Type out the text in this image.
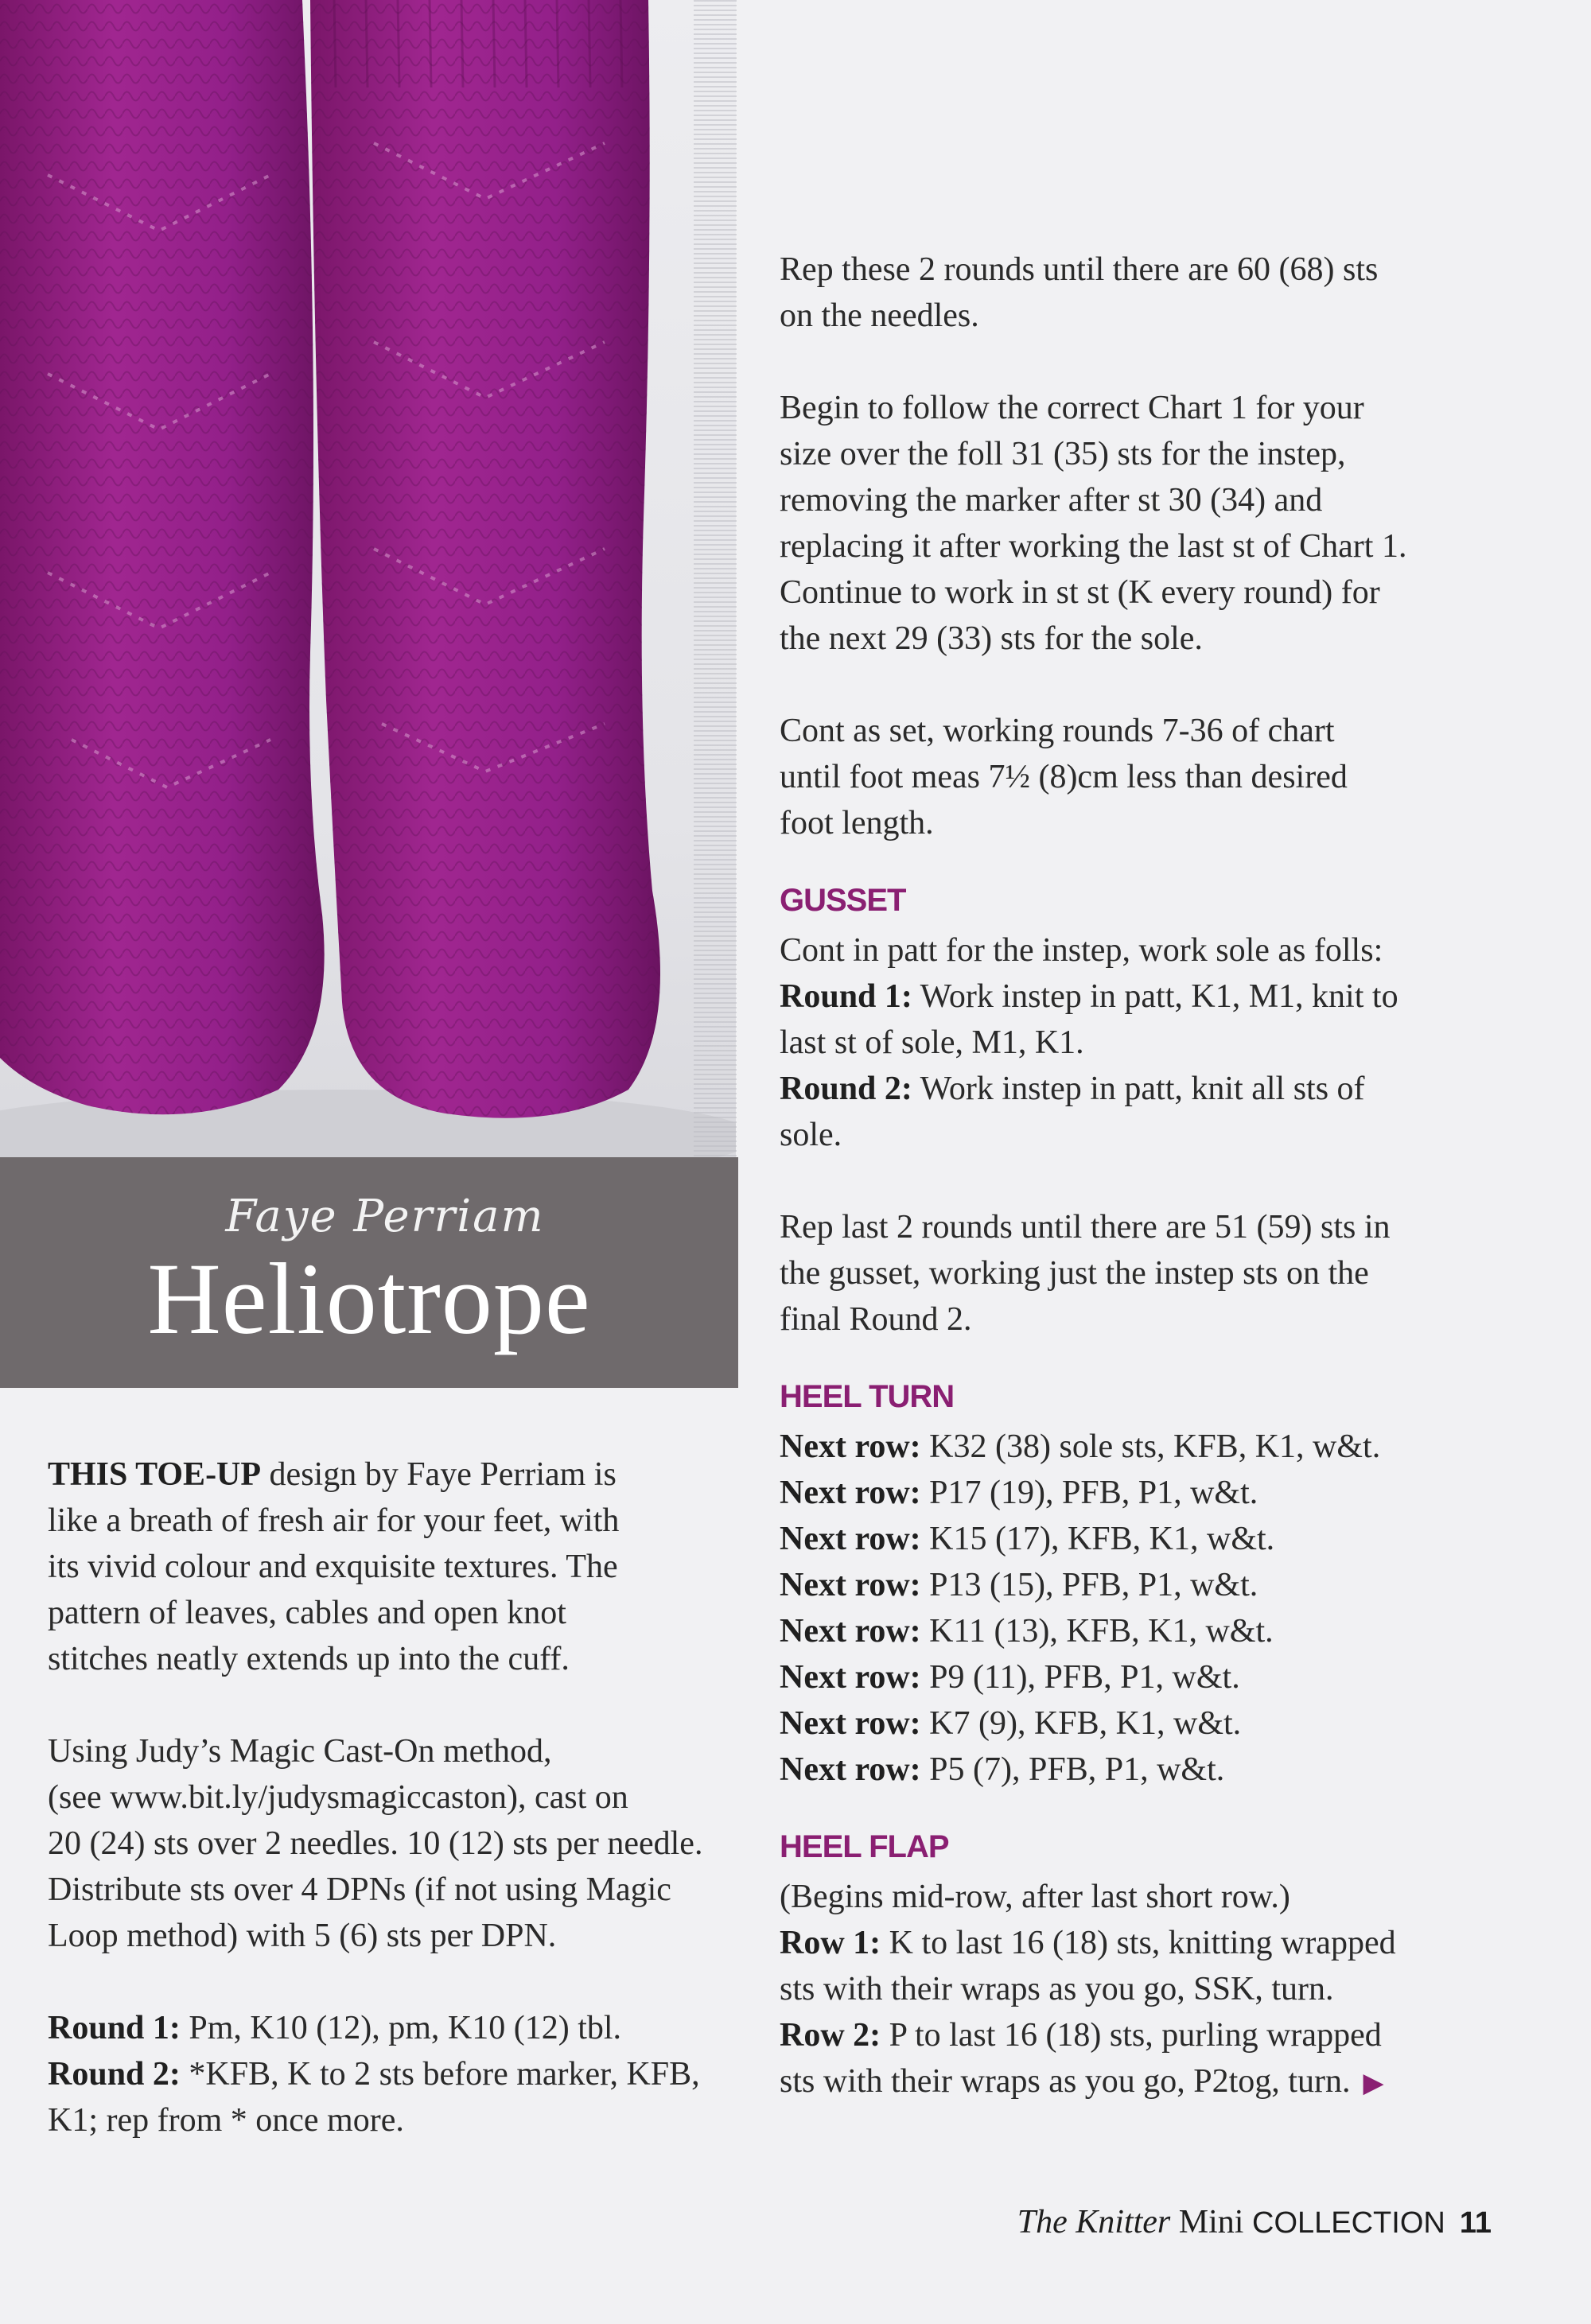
Faye Perriam
Heliotrope

THIS TOE-UP design by Faye Perriam is
like a breath of fresh air for your feet, with
its vivid colour and exquisite textures. The
pattern of leaves, cables and open knot
stitches neatly extends up into the cuff.

Using Judy’s Magic Cast-On method,
(see www.bit.ly/judysmagiccaston), cast on
20 (24) sts over 2 needles. 10 (12) sts per needle.
Distribute sts over 4 DPNs (if not using Magic
Loop method) with 5 (6) sts per DPN.

Round 1: Pm, K10 (12), pm, K10 (12) tbl.
Round 2: *KFB, K to 2 sts before marker, KFB,
K1; rep from * once more.

Rep these 2 rounds until there are 60 (68) sts
on the needles.

Begin to follow the correct Chart 1 for your
size over the foll 31 (35) sts for the instep,
removing the marker after st 30 (34) and
replacing it after working the last st of Chart 1.
Continue to work in st st (K every round) for
the next 29 (33) sts for the sole.

Cont as set, working rounds 7-36 of chart
until foot meas 7½ (8)cm less than desired
foot length.

GUSSET

Cont in patt for the instep, work sole as folls:
Round 1: Work instep in patt, K1, M1, knit to
last st of sole, M1, K1.
Round 2: Work instep in patt, knit all sts of
sole.

Rep last 2 rounds until there are 51 (59) sts in
the gusset, working just the instep sts on the
final Round 2.

HEEL TURN

Next row: K32 (38) sole sts, KFB, K1, w&t.
Next row: P17 (19), PFB, P1, w&t.
Next row: K15 (17), KFB, K1, w&t.
Next row: P13 (15), PFB, P1, w&t.
Next row: K11 (13), KFB, K1, w&t.
Next row: P9 (11), PFB, P1, w&t.
Next row: K7 (9), KFB, K1, w&t.
Next row: P5 (7), PFB, P1, w&t.

HEEL FLAP

(Begins mid-row, after last short row.)
Row 1: K to last 16 (18) sts, knitting wrapped
sts with their wraps as you go, SSK, turn.
Row 2: P to last 16 (18) sts, purling wrapped
sts with their wraps as you go, P2tog, turn. ▶

The Knitter Mini COLLECTION 11
